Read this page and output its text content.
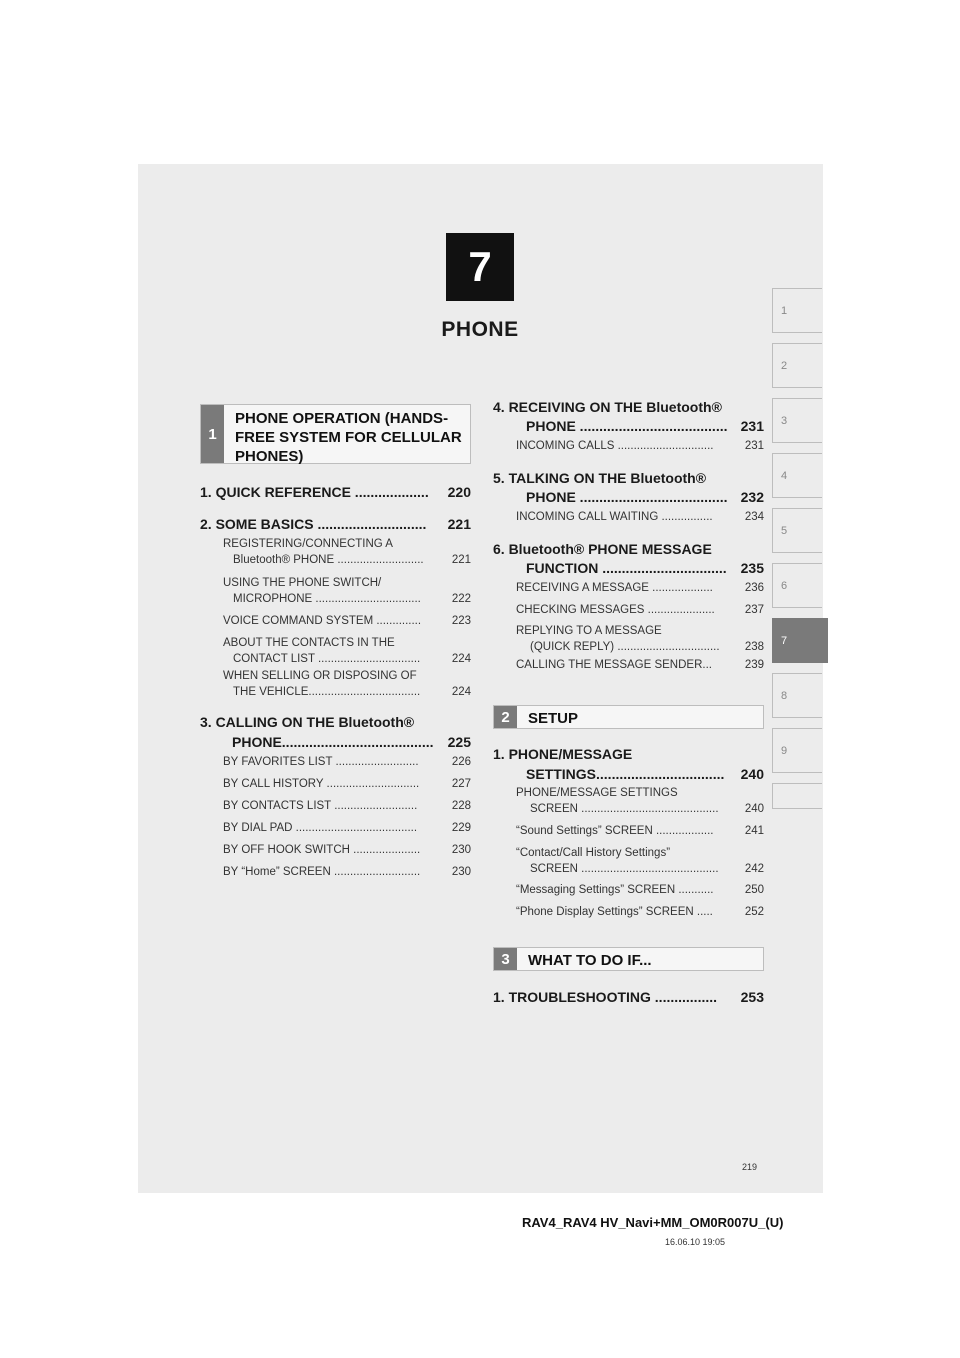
7
PHONE
1
2
3
4
5
6
7
8
9
1
PHONE OPERATION (HANDS-FREE SYSTEM FOR CELLULAR PHONES)
1. QUICK REFERENCE ................... 220
2. SOME BASICS ............................ 221
REGISTERING/CONNECTING A
Bluetooth® PHONE ........................... 221
USING THE PHONE SWITCH/
MICROPHONE .................................	222
VOICE COMMAND SYSTEM ..............	223
ABOUT THE CONTACTS IN THE
CONTACT LIST ................................	224
WHEN SELLING OR DISPOSING OF
THE VEHICLE...................................	224
3. CALLING ON THE Bluetooth®
PHONE....................................... 225
BY FAVORITES LIST ..........................	226
BY CALL HISTORY .............................	227
BY CONTACTS LIST ..........................	228
BY DIAL PAD ......................................	229
BY OFF HOOK SWITCH .....................	230
BY “Home” SCREEN ...........................	230
4. RECEIVING ON THE Bluetooth®
PHONE ...................................... 231
INCOMING CALLS ..............................	231
5. TALKING ON THE Bluetooth®
PHONE ...................................... 232
INCOMING CALL WAITING ................	234
6. Bluetooth® PHONE MESSAGE
FUNCTION ................................ 235
RECEIVING A MESSAGE ...................	236
CHECKING MESSAGES .....................	237
REPLYING TO A MESSAGE
(QUICK REPLY) ................................ 238
CALLING THE MESSAGE SENDER...	239
2	SETUP
1. PHONE/MESSAGE
SETTINGS................................. 240
PHONE/MESSAGE SETTINGS
SCREEN ........................................... 240
“Sound Settings” SCREEN ..................	241
“Contact/Call History Settings”
SCREEN ........................................... 242
“Messaging Settings” SCREEN ...........	250
“Phone Display Settings” SCREEN .....	252
3	WHAT TO DO IF...
1. TROUBLESHOOTING ................ 253
219
RAV4_RAV4 HV_Navi+MM_OM0R007U_(U)
16.06.10 19:05
